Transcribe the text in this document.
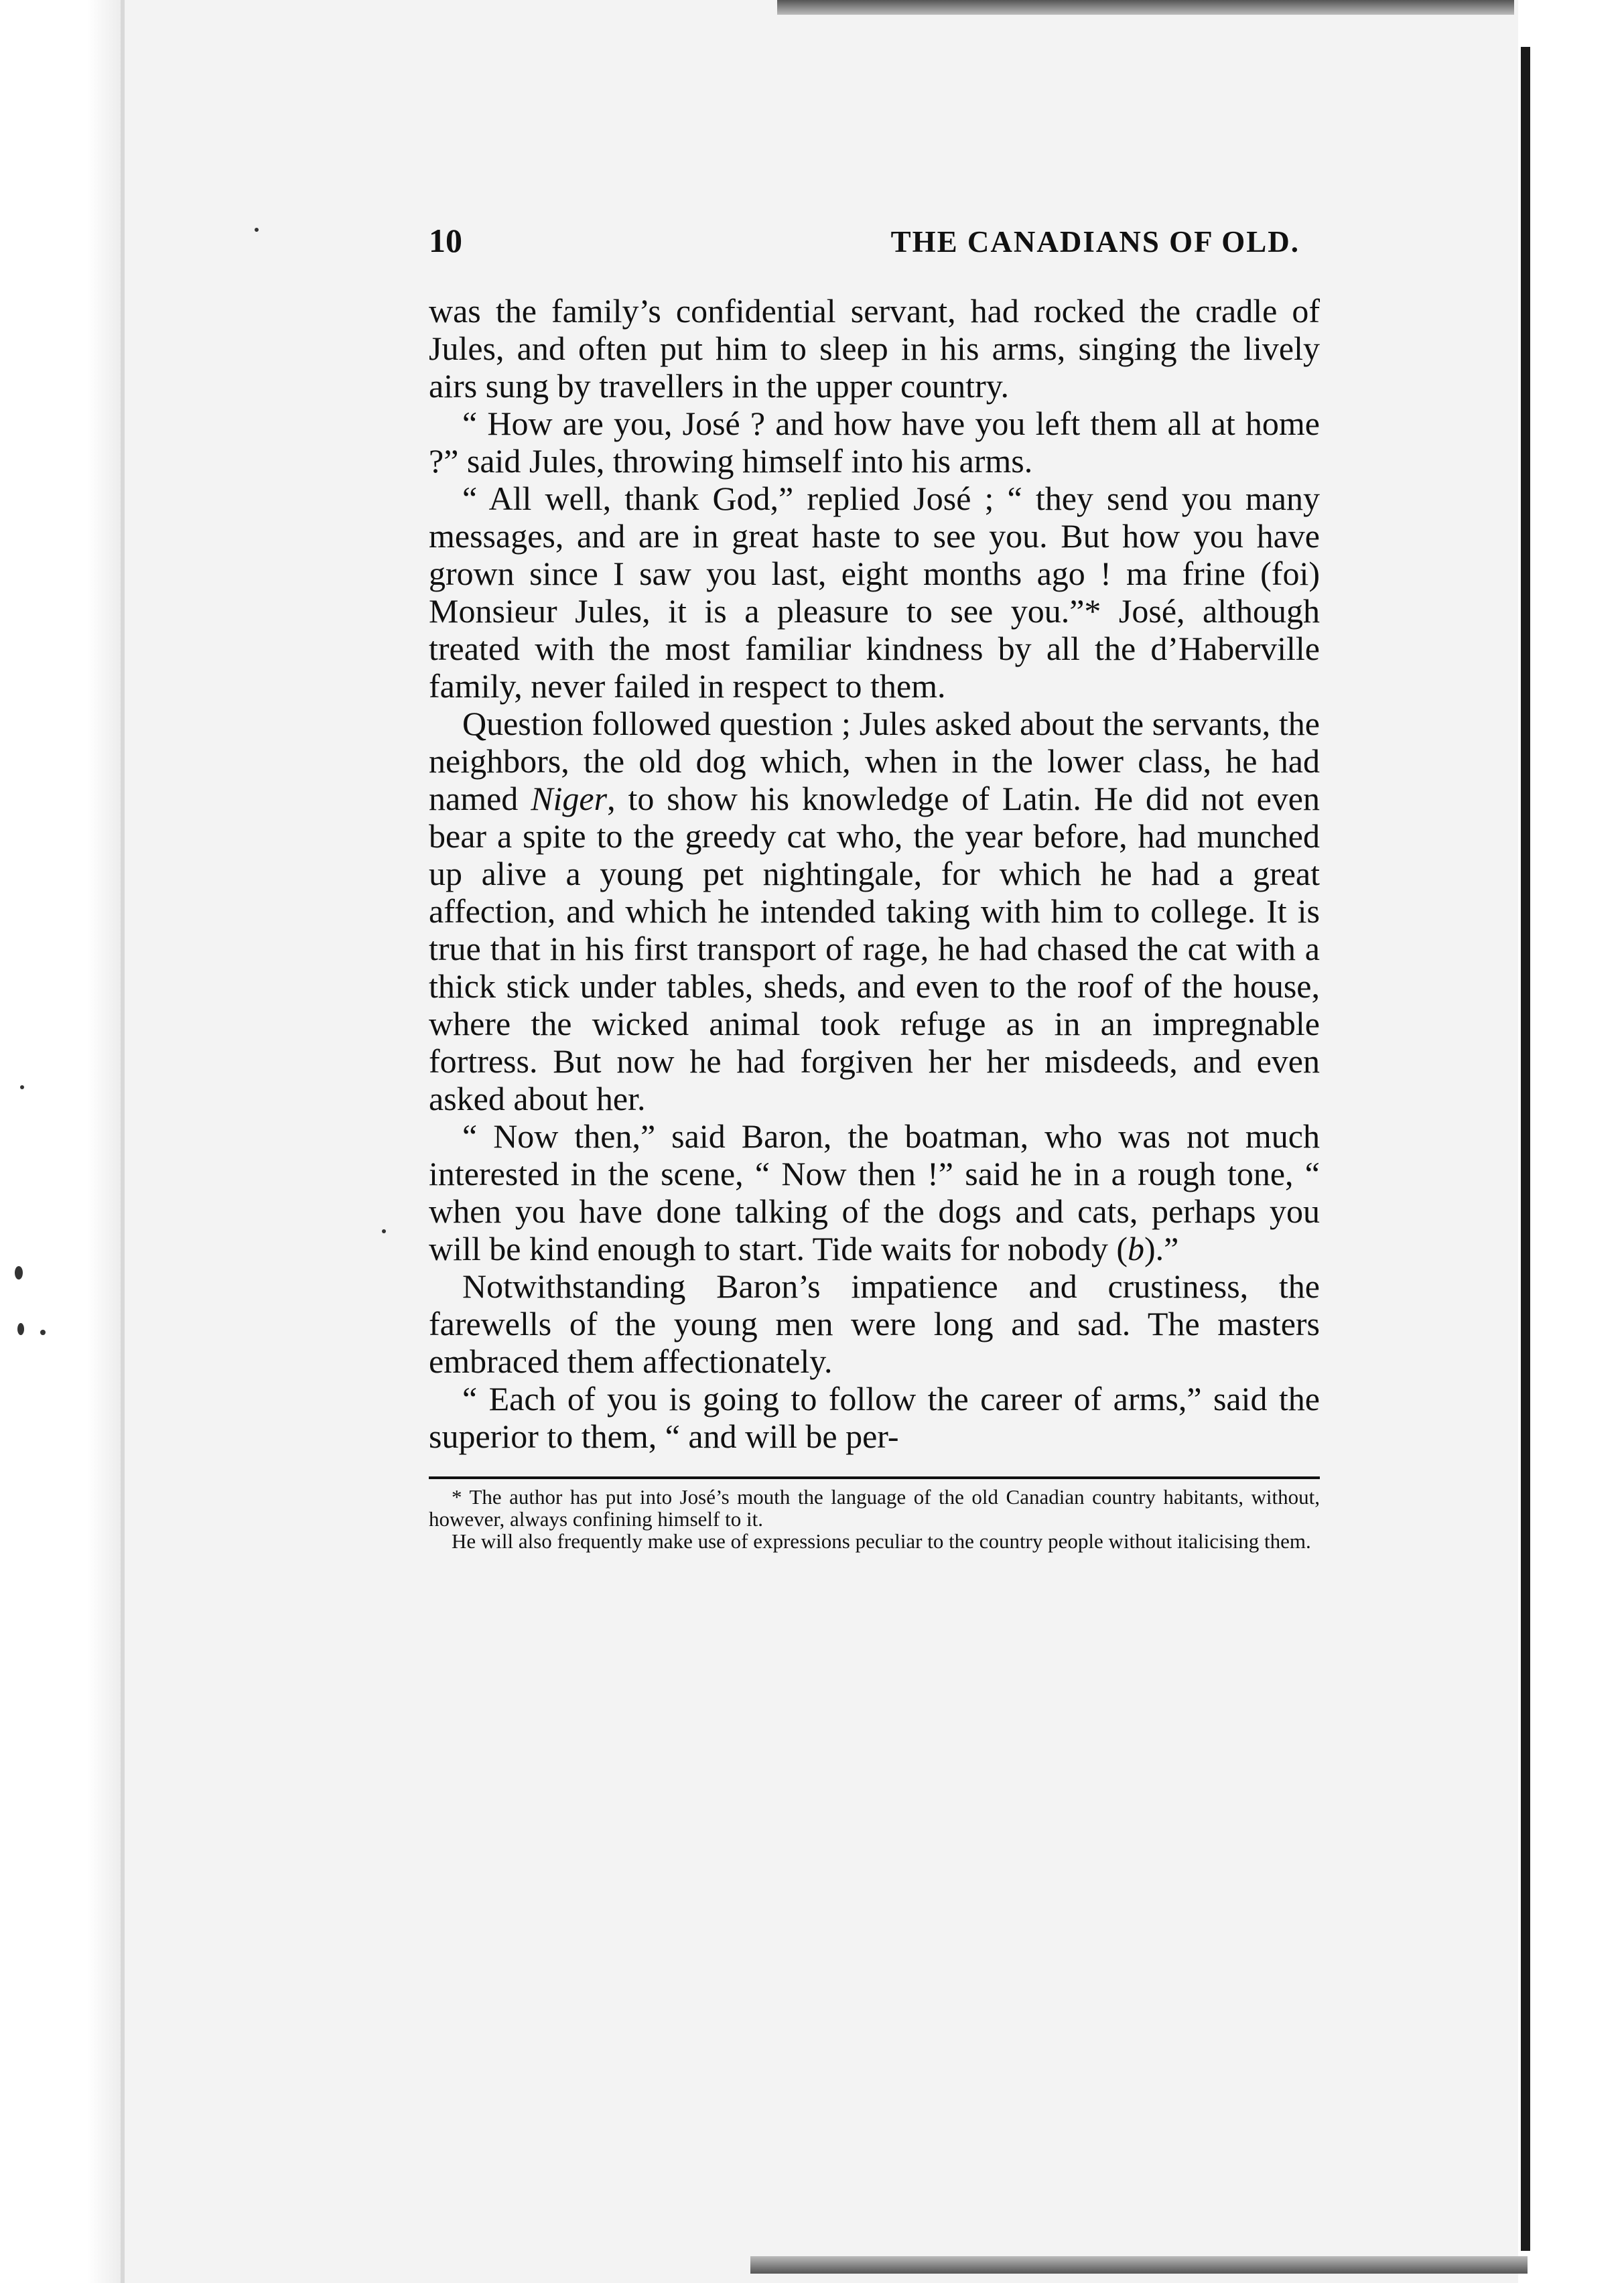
10	THE CANADIANS OF OLD.

was the family’s confidential servant, had rocked the cradle of Jules, and often put him to sleep in his arms, singing the lively airs sung by travellers in the upper country.

“ How are you, José ? and how have you left them all at home ?” said Jules, throwing himself into his arms.

“ All well, thank God,” replied José ; “ they send you many messages, and are in great haste to see you. But how you have grown since I saw you last, eight months ago ! ma frine (foi) Monsieur Jules, it is a pleasure to see you.”* José, although treated with the most familiar kindness by all the d’Haberville family, never failed in respect to them.

Question followed question ; Jules asked about the servants, the neighbors, the old dog which, when in the lower class, he had named Niger, to show his knowledge of Latin. He did not even bear a spite to the greedy cat who, the year before, had munched up alive a young pet nightingale, for which he had a great affection, and which he intended taking with him to college. It is true that in his first transport of rage, he had chased the cat with a thick stick under tables, sheds, and even to the roof of the house, where the wicked animal took refuge as in an impregnable fortress. But now he had forgiven her her misdeeds, and even asked about her.

“ Now then,” said Baron, the boatman, who was not much interested in the scene, “ Now then !” said he in a rough tone, “ when you have done talking of the dogs and cats, perhaps you will be kind enough to start. Tide waits for nobody (b).”

Notwithstanding Baron’s impatience and crustiness, the farewells of the young men were long and sad. The masters embraced them affectionately.

“ Each of you is going to follow the career of arms,” said the superior to them, “ and will be per-

* The author has put into José’s mouth the language of the old Canadian country habitants, without, however, always confining himself to it.

He will also frequently make use of expressions peculiar to the country people without italicising them.
